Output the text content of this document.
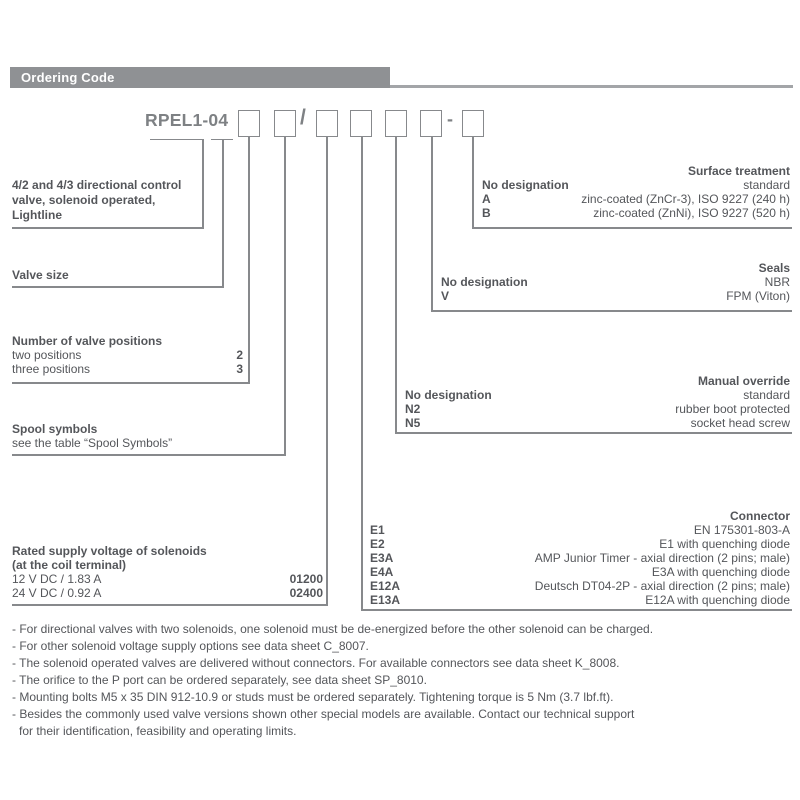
Ordering Code
RPEL1-04	/	-
4/2 and 4/3 directional control
valve, solenoid operated,
Lightline
Valve size
Number of valve positions
two positions	2
three positions	3
Spool symbols
see the table “Spool Symbols”
Rated supply voltage of solenoids
(at the coil terminal)
12 V DC / 1.83 A	01200
24 V DC / 0.92 A	02400
Surface treatment
No designation	standard
A	zinc-coated (ZnCr-3), ISO 9227 (240 h)
B	zinc-coated (ZnNi), ISO 9227 (520 h)
Seals
No designation	NBR
V	FPM (Viton)
Manual override
No designation	standard
N2	rubber boot protected
N5	socket head screw
Connector
E1	EN 175301-803-A
E2	E1 with quenching diode
E3A	AMP Junior Timer - axial direction (2 pins; male)
E4A	E3A with quenching diode
E12A	Deutsch DT04-2P - axial direction (2 pins; male)
E13A	E12A with quenching diode
- For directional valves with two solenoids, one solenoid must be de-energized before the other solenoid can be charged.
- For other solenoid voltage supply options see data sheet C_8007.
- The solenoid operated valves are delivered without connectors. For available connectors see data sheet K_8008.
- The orifice to the P port can be ordered separately, see data sheet SP_8010.
- Mounting bolts M5 x 35 DIN 912-10.9 or studs must be ordered separately. Tightening torque is 5 Nm (3.7 lbf.ft).
- Besides the commonly used valve versions shown other special models are available. Contact our technical support
for their identification, feasibility and operating limits.
